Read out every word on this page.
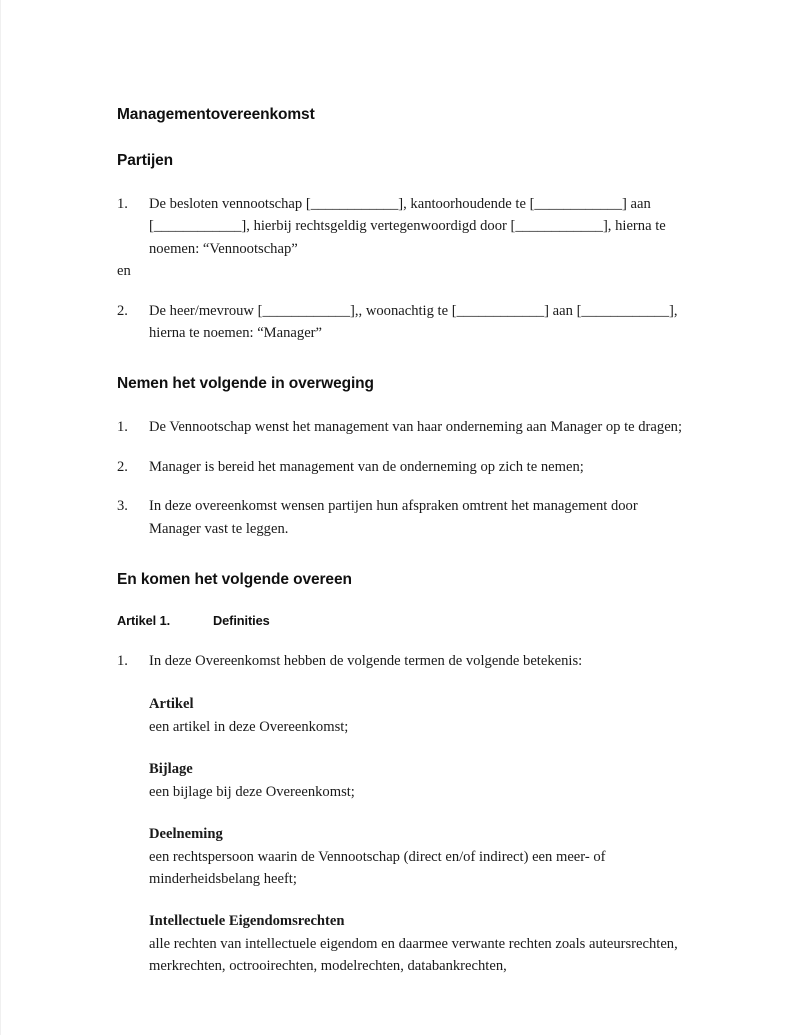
Managementovereenkomst
Partijen
1.	De besloten vennootschap [____________], kantoorhoudende te [____________] aan [____________], hierbij rechtsgeldig vertegenwoordigd door [____________], hierna te noemen: “Vennootschap”

en

2.	De heer/mevrouw [____________],, woonachtig te [____________] aan [____________], hierna te noemen: “Manager”
Nemen het volgende in overweging
1.	De Vennootschap wenst het management van haar onderneming aan Manager op te dragen;
2.	Manager is bereid het management van de onderneming op zich te nemen;
3.	In deze overeenkomst wensen partijen hun afspraken omtrent het management door Manager vast te leggen.
En komen het volgende overeen
Artikel 1.	Definities
1.	In deze Overeenkomst hebben de volgende termen de volgende betekenis:
Artikel
een artikel in deze Overeenkomst;
Bijlage
een bijlage bij deze Overeenkomst;
Deelneming
een rechtspersoon waarin de Vennootschap (direct en/of indirect) een meer- of minderheidsbelang heeft;
Intellectuele Eigendomsrechten
alle rechten van intellectuele eigendom en daarmee verwante rechten zoals auteursrechten, merkrechten, octrooirechten, modelrechten, databankrechten,
